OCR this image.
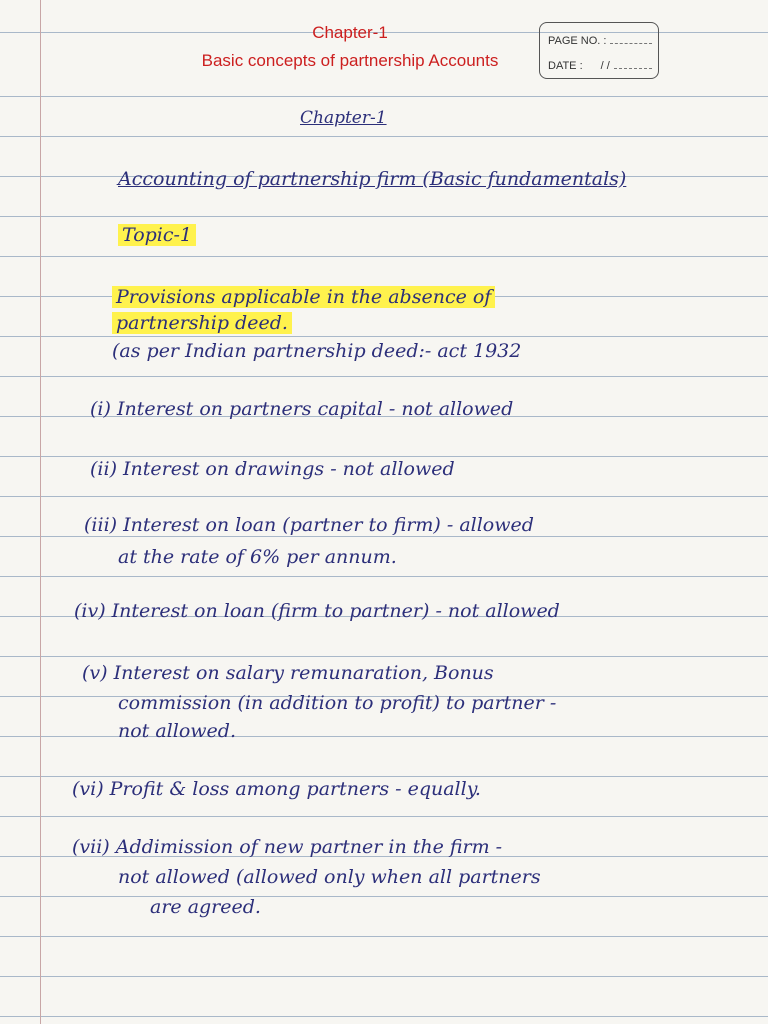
Chapter-1
Basic concepts of partnership Accounts
PAGE NO. :
DATE : / /
Chapter-1
Accounting of partnership firm (Basic fundamentals)
Topic-1
Provisions applicable in the absence of
partnership deed.
(as per Indian partnership deed:- act 1932
(i) Interest on partners capital - not allowed
(ii) Interest on drawings - not allowed
(iii) Interest on loan (partner to firm) - allowed
at the rate of 6% per annum.
(iv) Interest on loan (firm to partner) - not allowed
(v) Interest on salary remunaration, Bonus
commission (in addition to profit) to partner -
not allowed.
(vi) Profit & loss among partners - equally.
(vii) Addimission of new partner in the firm -
not allowed (allowed only when all partners
are agreed.
